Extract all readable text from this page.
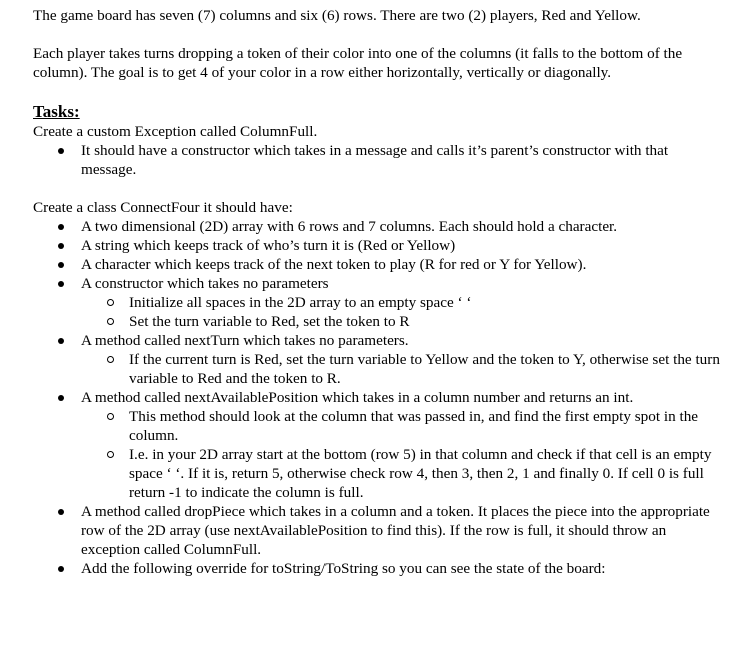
The game board has seven (7) columns and six (6) rows. There are two (2) players, Red and Yellow.

Each player takes turns dropping a token of their color into one of the columns (it falls to the bottom of the column). The goal is to get 4 of your color in a row either horizontally, vertically or diagonally.

Tasks:

Create a custom Exception called ColumnFull.

It should have a constructor which takes in a message and calls it’s parent’s constructor with that message.

Create a class ConnectFour it should have:

A two dimensional (2D) array with 6 rows and 7 columns. Each should hold a character.
A string which keeps track of who’s turn it is (Red or Yellow)
A character which keeps track of the next token to play (R for red or Y for Yellow).
A constructor which takes no parameters
Initialize all spaces in the 2D array to an empty space ‘ ‘
Set the turn variable to Red, set the token to R
A method called nextTurn which takes no parameters.
If the current turn is Red, set the turn variable to Yellow and the token to Y, otherwise set the turn variable to Red and the token to R.
A method called nextAvailablePosition which takes in a column number and returns an int.
This method should look at the column that was passed in, and find the first empty spot in the column.
I.e. in your 2D array start at the bottom (row 5) in that column and check if that cell is an empty space ‘ ‘. If it is, return 5, otherwise check row 4, then 3, then 2, 1 and finally 0. If cell 0 is full return -1 to indicate the column is full.
A method called dropPiece which takes in a column and a token. It places the piece into the appropriate row of the 2D array (use nextAvailablePosition to find this). If the row is full, it should throw an exception called ColumnFull.
Add the following override for toString/ToString so you can see the state of the board:
